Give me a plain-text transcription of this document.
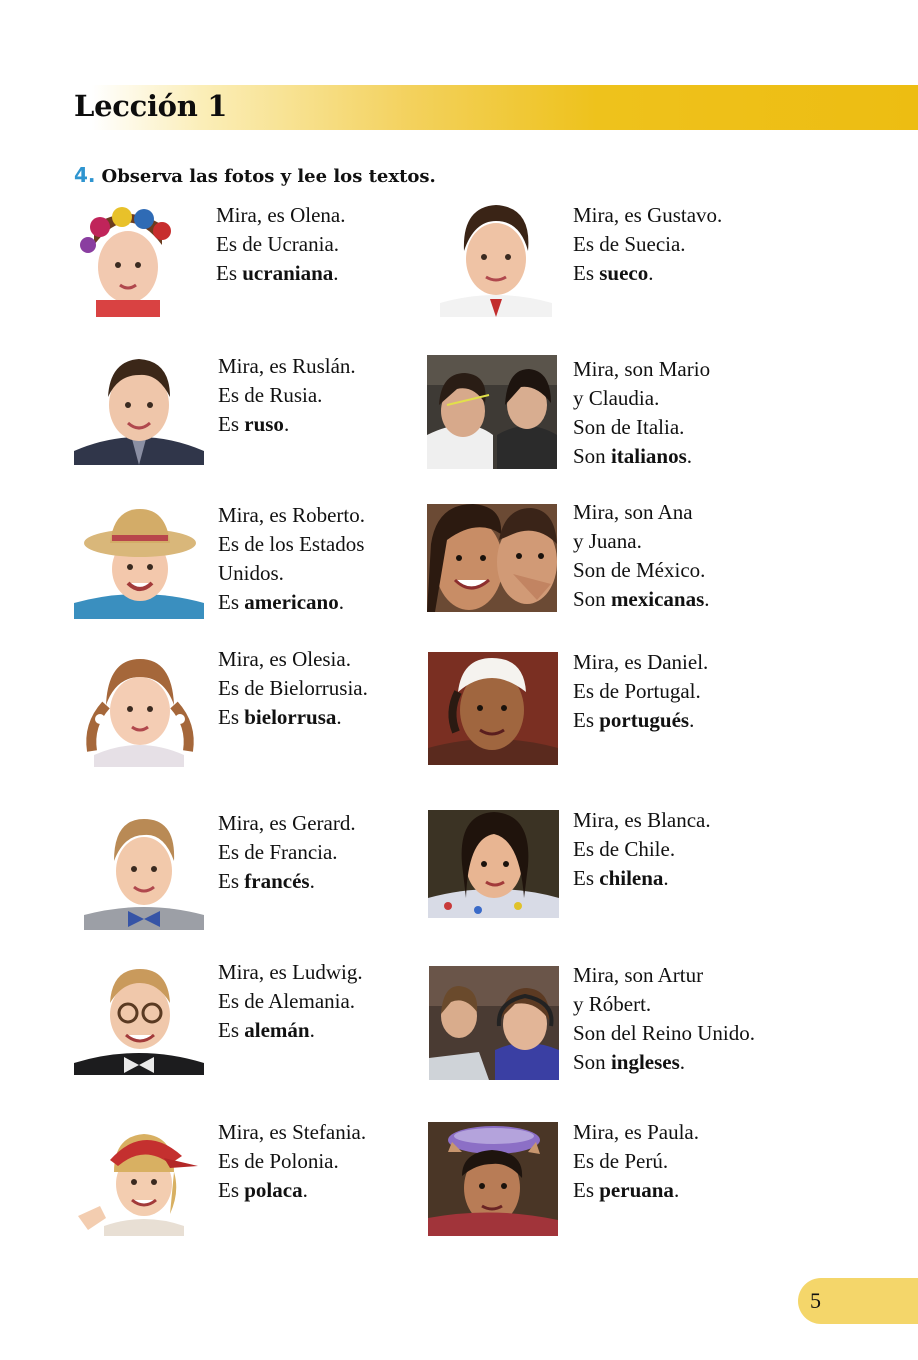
Lección 1
4. Observa las fotos y lee los textos.
Mira, es Olena.
Es de Ucrania.
Es ucraniana.
Mira, es Ruslán.
Es de Rusia.
Es ruso.
Mira, es Roberto.
Es de los Estados
Unidos.
Es americano.
Mira, es Olesia.
Es de Bielorrusia.
Es bielorrusa.
Mira, es Gerard.
Es de Francia.
Es francés.
Mira, es Ludwig.
Es de Alemania.
Es alemán.
Mira, es Stefania.
Es de Polonia.
Es polaca.
Mira, es Gustavo.
Es de Suecia.
Es sueco.
Mira, son Mario
y Claudia.
Son de Italia.
Son italianos.
Mira, son Ana
y Juana.
Son de México.
Son mexicanas.
Mira, es Daniel.
Es de Portugal.
Es portugués.
Mira, es Blanca.
Es de Chile.
Es chilena.
Mira, son Artur
y Róbert.
Son del Reino Unido.
Son ingleses.
Mira, es Paula.
Es de Perú.
Es peruana.
5
